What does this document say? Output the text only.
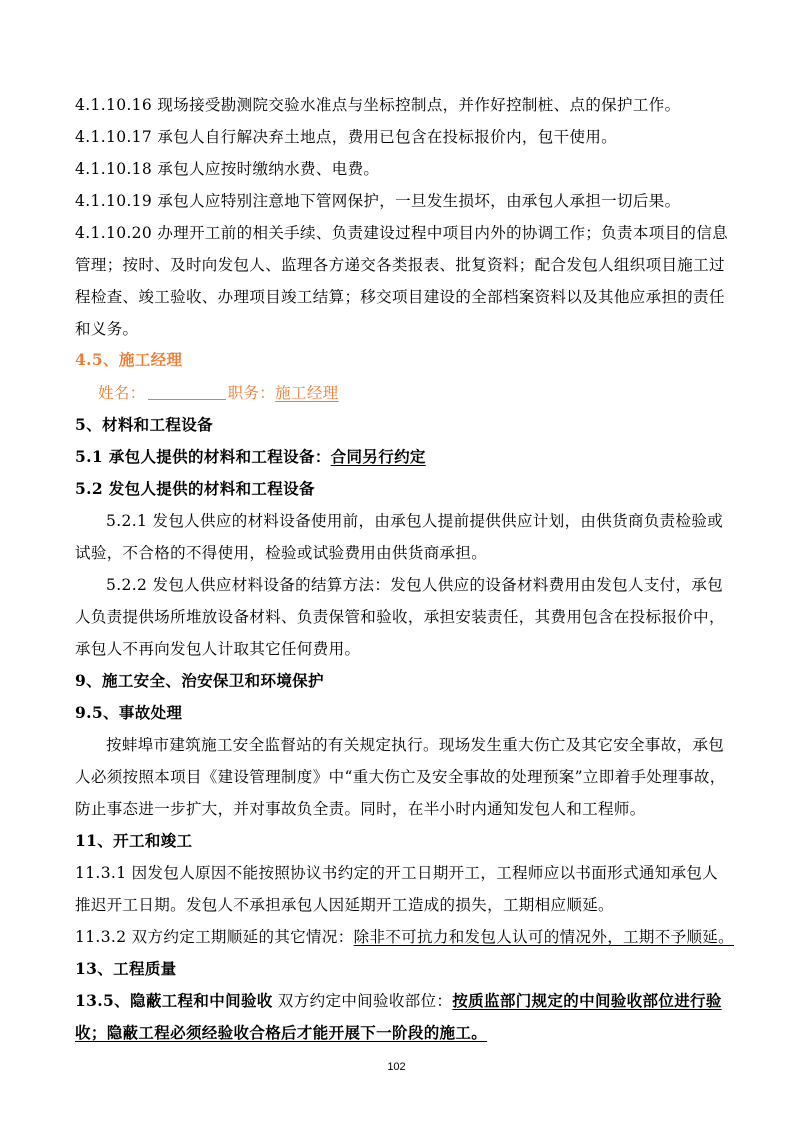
4.1.10.16 现场接受勘测院交验水准点与坐标控制点，并作好控制桩、点的保护工作。
4.1.10.17 承包人自行解决弃土地点，费用已包含在投标报价内，包干使用。
4.1.10.18 承包人应按时缴纳水费、电费。
4.1.10.19 承包人应特别注意地下管网保护，一旦发生损坏，由承包人承担一切后果。
4.1.10.20 办理开工前的相关手续、负责建设过程中项目内外的协调工作；负责本项目的信息
管理；按时、及时向发包人、监理各方递交各类报表、批复资料；配合发包人组织项目施工过
程检查、竣工验收、办理项目竣工结算；移交项目建设的全部档案资料以及其他应承担的责任
和义务。
4.5、施工经理
姓名：	职务：施工经理
5、材料和工程设备
5.1 承包人提供的材料和工程设备：合同另行约定
5.2 发包人提供的材料和工程设备
5.2.1 发包人供应的材料设备使用前，由承包人提前提供供应计划，由供货商负责检验或
试验，不合格的不得使用，检验或试验费用由供货商承担。
5.2.2 发包人供应材料设备的结算方法：发包人供应的设备材料费用由发包人支付，承包
人负责提供场所堆放设备材料、负责保管和验收，承担安装责任，其费用包含在投标报价中，
承包人不再向发包人计取其它任何费用。
9、施工安全、治安保卫和环境保护
9.5、事故处理
按蚌埠市建筑施工安全监督站的有关规定执行。现场发生重大伤亡及其它安全事故，承包
人必须按照本项目《建设管理制度》中“重大伤亡及安全事故的处理预案”立即着手处理事故，
防止事态进一步扩大，并对事故负全责。同时，在半小时内通知发包人和工程师。
11、开工和竣工
11.3.1 因发包人原因不能按照协议书约定的开工日期开工，工程师应以书面形式通知承包人
推迟开工日期。发包人不承担承包人因延期开工造成的损失，工期相应顺延。
11.3.2 双方约定工期顺延的其它情况：除非不可抗力和发包人认可的情况外，工期不予顺延。
13、工程质量
13.5、隐蔽工程和中间验收 双方约定中间验收部位：按质监部门规定的中间验收部位进行验
收；隐蔽工程必须经验收合格后才能开展下一阶段的施工。
102
